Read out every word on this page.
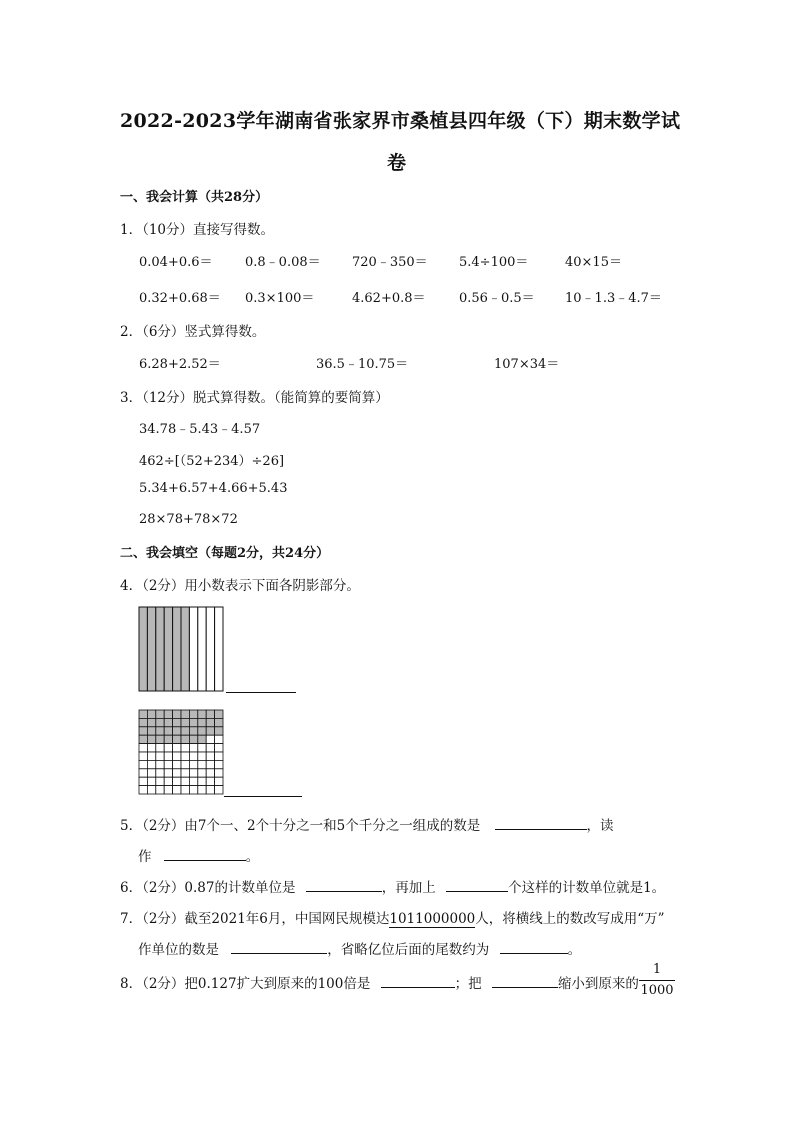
2022-2023学年湖南省张家界市桑植县四年级（下）期末数学试
卷
一、我会计算（共28分）
1．（10分）直接写得数。
0.04+0.6＝ 0.8﹣0.08＝ 720﹣350＝ 5.4÷100＝	40×15＝
0.32+0.68＝ 0.3×100＝	4.62+0.8＝	0.56﹣0.5＝ 10﹣1.3﹣4.7＝
2．（6分）竖式算得数。
6.28+2.52＝	36.5﹣10.75＝	107×34＝
3．（12分）脱式算得数。（能简算的要简算）
34.78﹣5.43﹣4.57
462÷[（52+234）÷26]
5.34+6.57+4.66+5.43
28×78+78×72
二、我会填空（每题2分，共24分）
4．（2分）用小数表示下面各阴影部分。
5．（2分）由7个一、2个十分之一和5个千分之一组成的数是	，读
作	。
6．（2分）0.87的计数单位是	，再加上	个这样的计数单位就是1。
7．（2分）截至2021年6月，中国网民规模达1011000000人，将横线上的数改写成用“万”
作单位的数是	，省略亿位后面的尾数约为	。
8．（2分）把0.127扩大到原来的100倍是	；把	缩小到原来的
1
1000
